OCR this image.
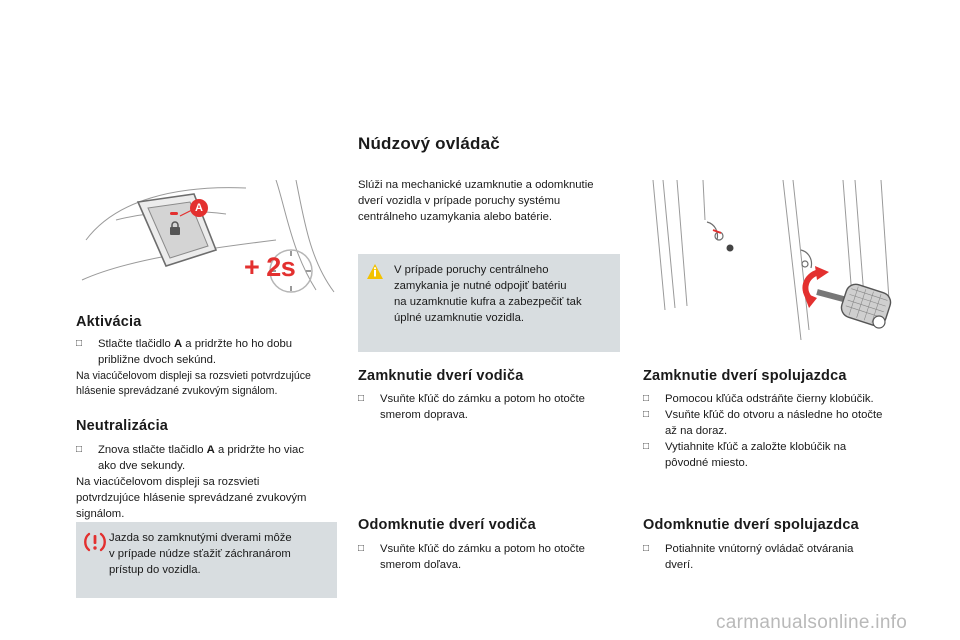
A
+ 2s
Aktivácia
□	Stlačte tlačidlo A a pridržte ho ho dobu
približne dvoch sekúnd.
Na viacúčelovom displeji sa rozsvieti potvrdzujúce
hlásenie sprevádzané zvukovým signálom.
Neutralizácia
□	Znova stlačte tlačidlo A a pridržte ho viac
ako dve sekundy.
Na viacúčelovom displeji sa rozsvieti
potvrdzujúce hlásenie sprevádzané zvukovým
signálom.
Jazda so zamknutými dverami môže
v prípade núdze sťažiť záchranárom
prístup do vozidla.
Núdzový ovládač
Slúži na mechanické uzamknutie a odomknutie
dverí vozidla v prípade poruchy systému
centrálneho uzamykania alebo batérie.
V prípade poruchy centrálneho
zamykania je nutné odpojiť batériu
na uzamknutie kufra a zabezpečiť tak
úplné uzamknutie vozidla.
Zamknutie dverí vodiča
□	Vsuňte kľúč do zámku a potom ho otočte
smerom doprava.
Odomknutie dverí vodiča
□	Vsuňte kľúč do zámku a potom ho otočte
smerom doľava.
Zamknutie dverí spolujazdca
□	Pomocou kľúča odstráňte čierny klobúčik.
□	Vsuňte kľúč do otvoru a následne ho otočte
až na doraz.
□	Vytiahnite kľúč a založte klobúčik na
pôvodné miesto.
Odomknutie dverí spolujazdca
□	Potiahnite vnútorný ovládač otvárania
dverí.
carmanualsonline.info
